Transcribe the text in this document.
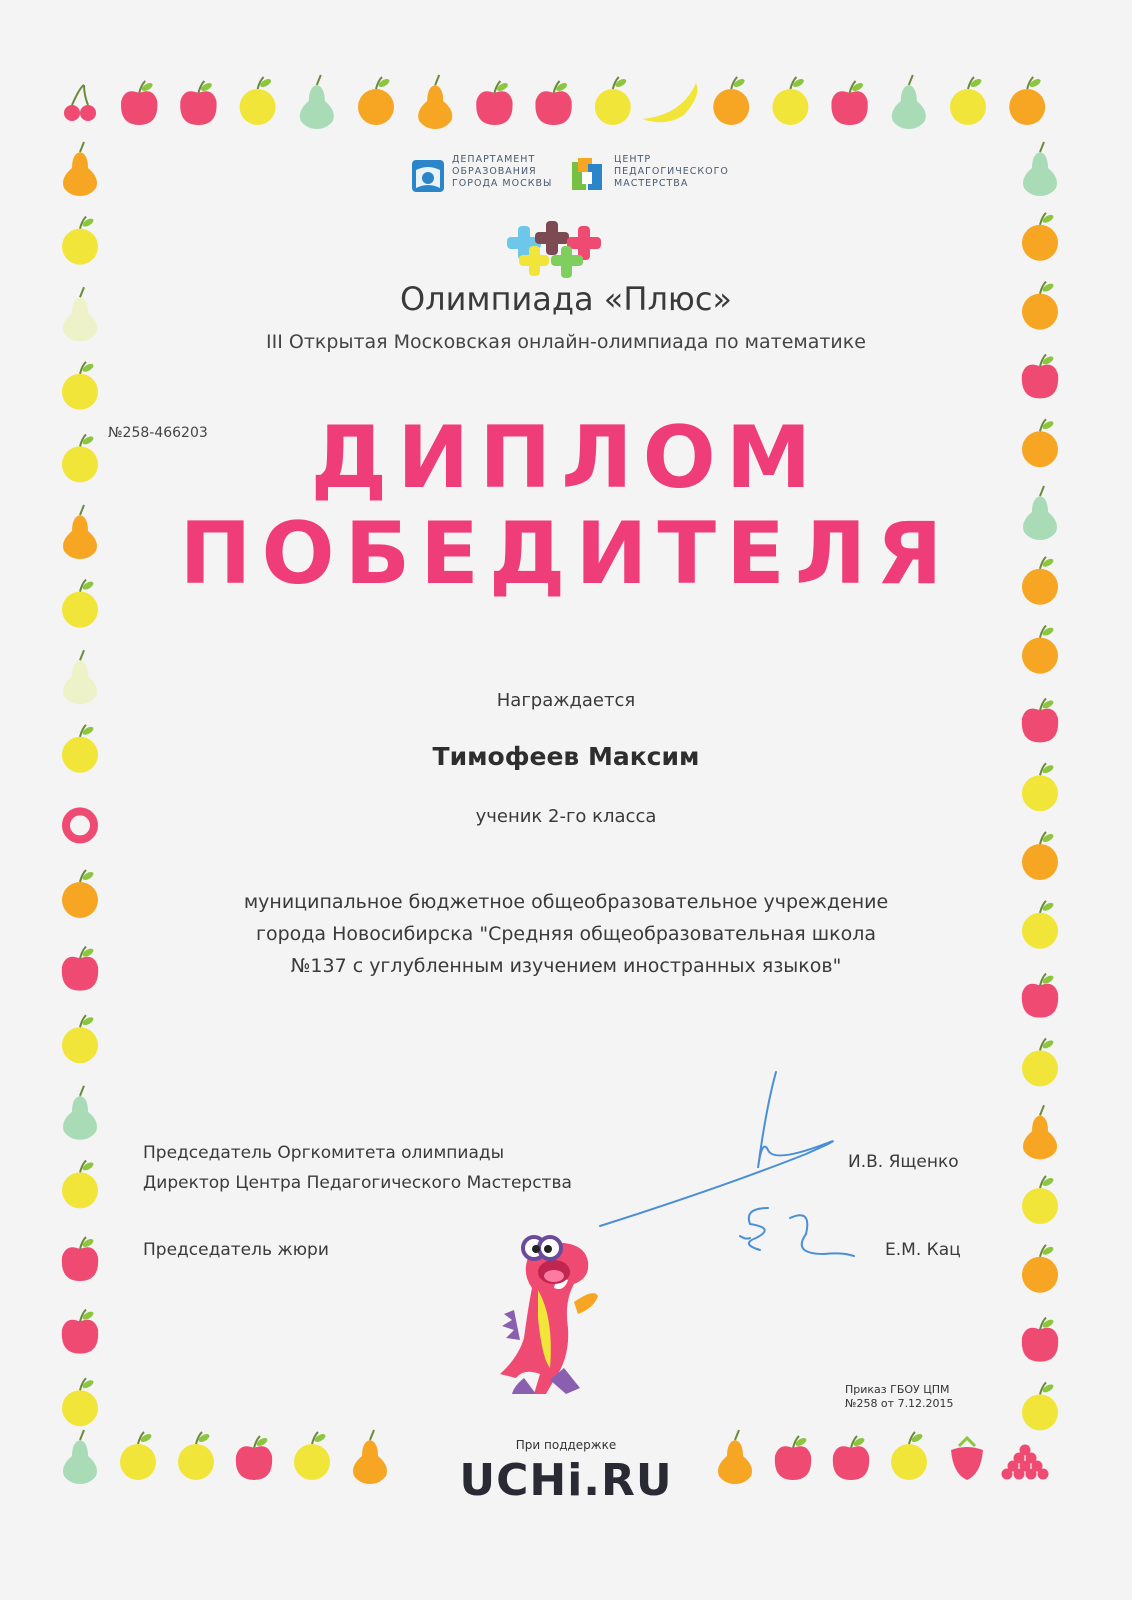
ДЕПАРТАМЕНТ
ОБРАЗОВАНИЯ
ГОРОДА МОСКВЫ
ЦЕНТР
ПЕДАГОГИЧЕСКОГО
МАСТЕРСТВА
Олимпиада «Плюс»
III Открытая Московская онлайн-олимпиада по математике
№258-466203	ДИПЛОМ
ПОБЕДИТЕЛЯ
Награждается
Тимофеев Максим
ученик 2-го класса
муниципальное бюджетное общеобразовательное учреждение города Новосибирска "Средняя общеобразовательная школа №137 с углубленным изучением иностранных языков"
Председатель Оргкомитета олимпиады
Директор Центра Педагогического Мастерства
И.В. Ященко
Председатель жюри	Е.М. Кац
Приказ ГБОУ ЦПМ
№258 от 7.12.2015
При поддержке
UCHi.RU
